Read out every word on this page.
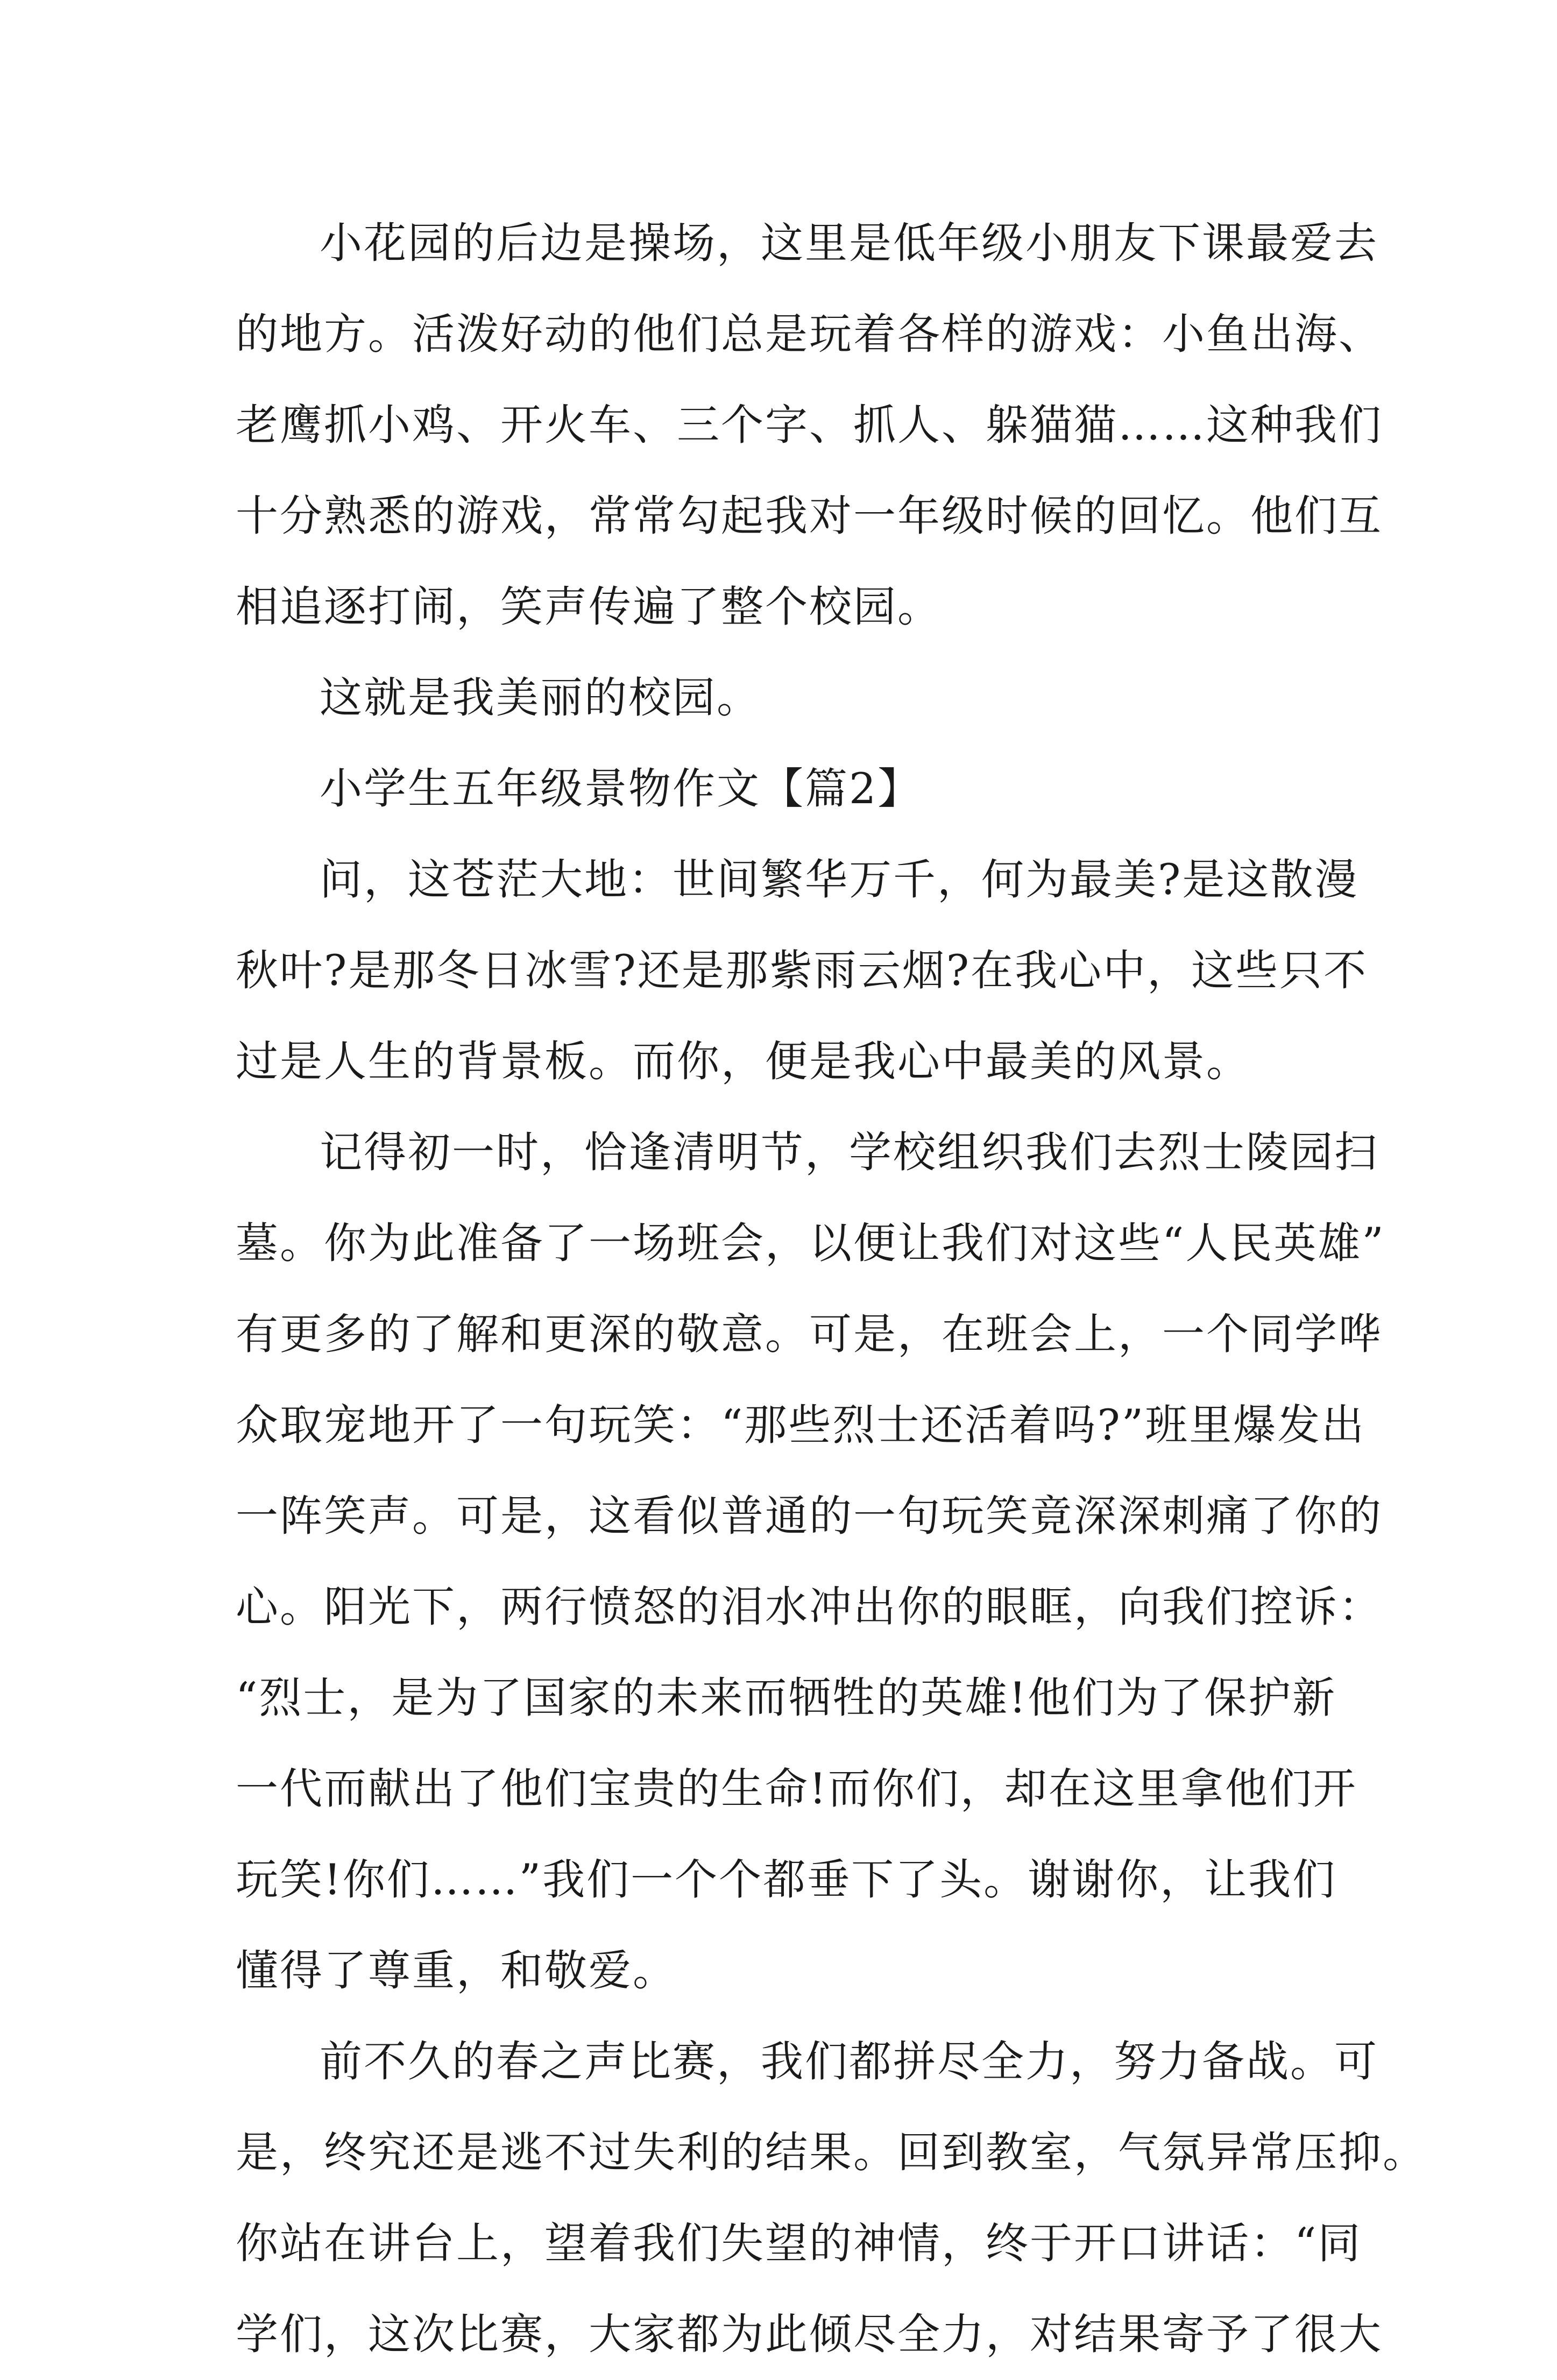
小花园的后边是操场，这里是低年级小朋友下课最爱去
的地方。活泼好动的他们总是玩着各样的游戏：小鱼出海、
老鹰抓小鸡、开火车、三个字、抓人、躲猫猫……这种我们
十分熟悉的游戏，常常勾起我对一年级时候的回忆。他们互
相追逐打闹，笑声传遍了整个校园。
这就是我美丽的校园。
小学生五年级景物作文【篇2】
问，这苍茫大地：世间繁华万千，何为最美?是这散漫
秋叶?是那冬日冰雪?还是那紫雨云烟?在我心中，这些只不
过是人生的背景板。而你，便是我心中最美的风景。
记得初一时，恰逢清明节，学校组织我们去烈士陵园扫
墓。你为此准备了一场班会，以便让我们对这些“人民英雄”
有更多的了解和更深的敬意。可是，在班会上，一个同学哗
众取宠地开了一句玩笑：“那些烈士还活着吗?”班里爆发出
一阵笑声。可是，这看似普通的一句玩笑竟深深刺痛了你的
心。阳光下，两行愤怒的泪水冲出你的眼眶，向我们控诉：
“烈士，是为了国家的未来而牺牲的英雄!他们为了保护新
一代而献出了他们宝贵的生命!而你们，却在这里拿他们开
玩笑!你们……”我们一个个都垂下了头。谢谢你，让我们
懂得了尊重，和敬爱。
前不久的春之声比赛，我们都拼尽全力，努力备战。可
是，终究还是逃不过失利的结果。回到教室，气氛异常压抑。
你站在讲台上，望着我们失望的神情，终于开口讲话：“同
学们，这次比赛，大家都为此倾尽全力，对结果寄予了很大
